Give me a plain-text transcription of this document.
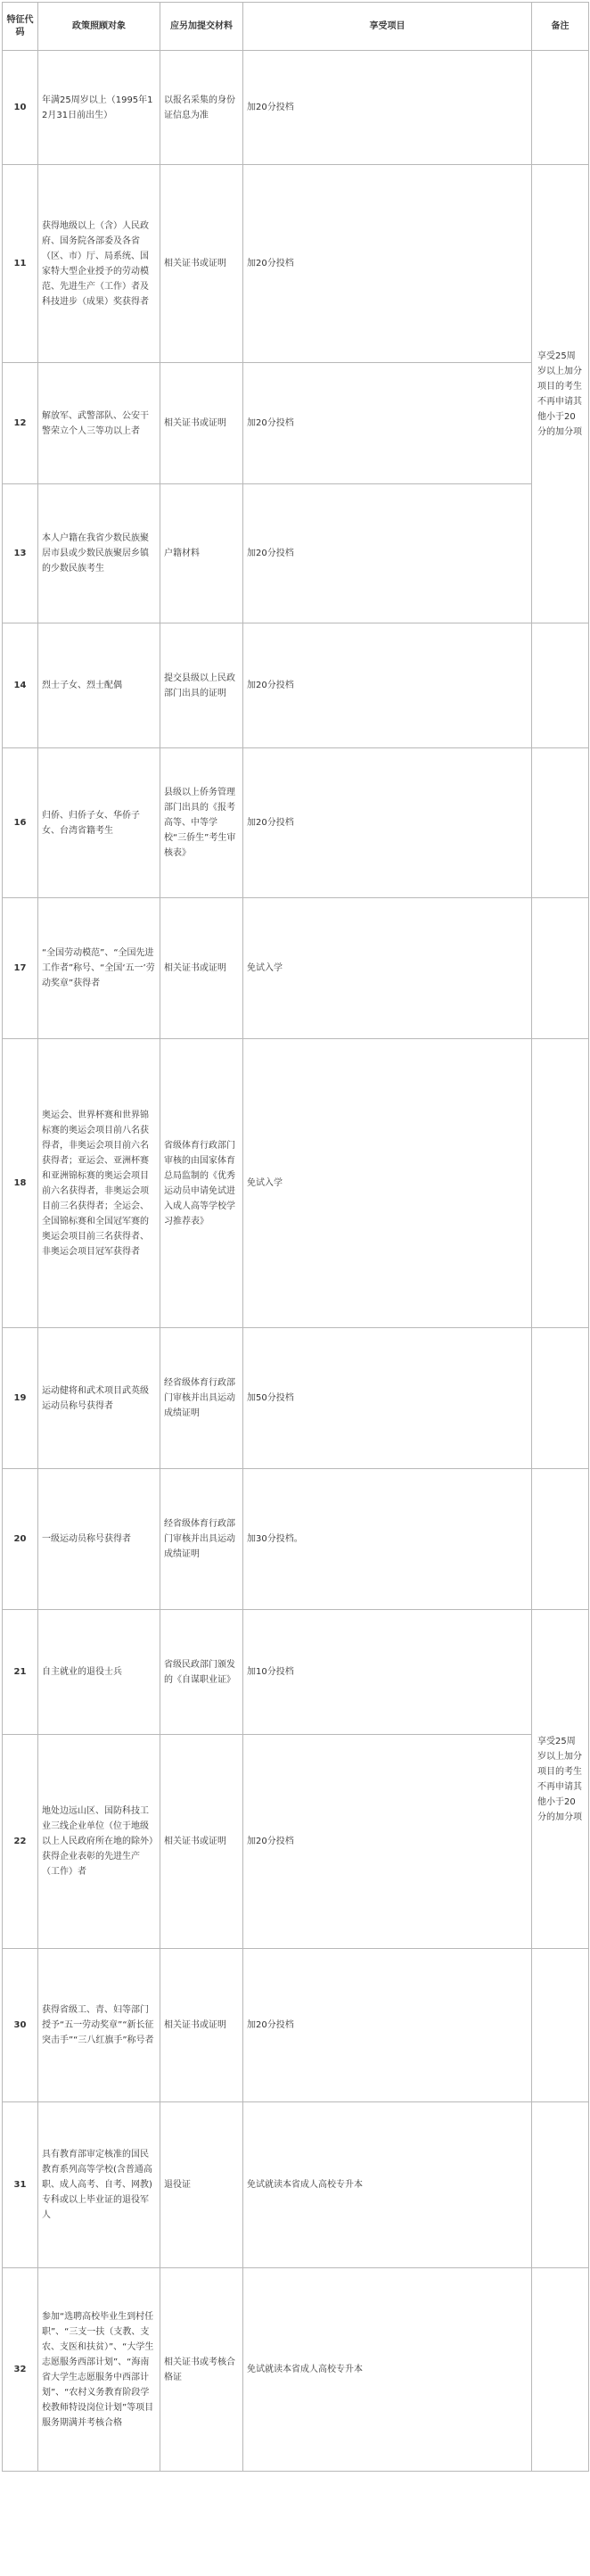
特征代码	政策照顾对象	应另加提交材料	享受项目	备注
10	年满25周岁以上（1995年12月31日前出生）	以报名采集的身份证信息为准	加20分投档	
11	获得地级以上（含）人民政府、国务院各部委及各省（区、市）厅、局系统、国家特大型企业授予的劳动模范、先进生产（工作）者及科技进步（成果）奖获得者	相关证书或证明	加20分投档	享受25周岁以上加分项目的考生不再申请其他小于20分的加分项
12	解放军、武警部队、公安干警荣立个人三等功以上者	相关证书或证明	加20分投档	
13	本人户籍在我省少数民族聚居市县或少数民族聚居乡镇的少数民族考生	户籍材料	加20分投档	
14	烈士子女、烈士配偶	提交县级以上民政部门出具的证明	加20分投档	
16	归侨、归侨子女、华侨子女、台湾省籍考生	县级以上侨务管理部门出具的《报考高等、中等学校“三侨生”考生审核表》	加20分投档	
17	“全国劳动模范”、“全国先进工作者”称号、“全国‘五一’劳动奖章”获得者	相关证书或证明	免试入学	
18	奥运会、世界杯赛和世界锦标赛的奥运会项目前八名获得者，非奥运会项目前六名获得者；亚运会、亚洲杯赛和亚洲锦标赛的奥运会项目前六名获得者，非奥运会项目前三名获得者；全运会、全国锦标赛和全国冠军赛的奥运会项目前三名获得者、非奥运会项目冠军获得者	省级体育行政部门审核的由国家体育总局监制的《优秀运动员申请免试进入成人高等学校学习推荐表》	免试入学	
19	运动健将和武术项目武英级运动员称号获得者	经省级体育行政部门审核并出具运动成绩证明	加50分投档	
20	一级运动员称号获得者	经省级体育行政部门审核并出具运动成绩证明	加30分投档。	
21	自主就业的退役士兵	省级民政部门颁发的《自谋职业证》	加10分投档	享受25周岁以上加分项目的考生不再申请其他小于20分的加分项
22	地处边远山区、国防科技工业三线企业单位（位于地级以上人民政府所在地的除外）获得企业表彰的先进生产（工作）者	相关证书或证明	加20分投档	
30	获得省级工、青、妇等部门授予“五一劳动奖章”“新长征突击手”“三八红旗手”称号者	相关证书或证明	加20分投档	
31	具有教育部审定核准的国民教育系列高等学校(含普通高职、成人高考、自考、网教)专科或以上毕业证的退役军人	退役证	免试就读本省成人高校专升本	
32	参加“选聘高校毕业生到村任职”、“三支一扶（支教、支农、支医和扶贫）”、“大学生志愿服务西部计划”、“海南省大学生志愿服务中西部计划”、“农村义务教育阶段学校教师特设岗位计划”等项目服务期满并考核合格	相关证书或考核合格证	免试就读本省成人高校专升本	
